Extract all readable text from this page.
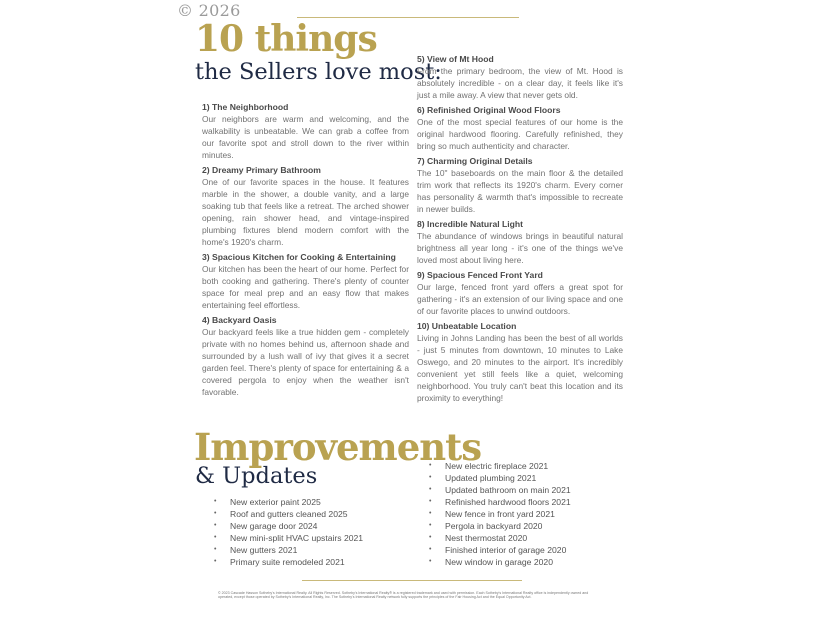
© 2026
10 things
the Sellers love most:
1) The Neighborhood

Our neighbors are warm and welcoming, and the walkability is unbeatable. We can grab a coffee from our favorite spot and stroll down to the river within minutes.

2) Dreamy Primary Bathroom

One of our favorite spaces in the house. It features marble in the shower, a double vanity, and a large soaking tub that feels like a retreat. The arched shower opening, rain shower head, and vintage-inspired plumbing fixtures blend modern comfort with the home's 1920's charm.

3) Spacious Kitchen for Cooking & Entertaining

Our kitchen has been the heart of our home. Perfect for both cooking and gathering. There's plenty of counter space for meal prep and an easy flow that makes entertaining feel effortless.

4) Backyard Oasis

Our backyard feels like a true hidden gem - completely private with no homes behind us, afternoon shade and surrounded by a lush wall of ivy that gives it a secret garden feel. There's plenty of space for entertaining & a covered pergola to enjoy when the weather isn't favorable.

5) View of Mt Hood

From the primary bedroom, the view of Mt. Hood is absolutely incredible - on a clear day, it feels like it's just a mile away. A view that never gets old.

6) Refinished Original Wood Floors

One of the most special features of our home is the original hardwood flooring. Carefully refinished, they bring so much authenticity and character.

7) Charming Original Details

The 10" baseboards on the main floor & the detailed trim work that reflects its 1920's charm. Every corner has personality & warmth that's impossible to recreate in newer builds.

8) Incredible Natural Light

The abundance of windows brings in beautiful natural brightness all year long - it's one of the things we've loved most about living here.

9) Spacious Fenced Front Yard

Our large, fenced front yard offers a great spot for gathering - it's an extension of our living space and one of our favorite places to unwind outdoors.

10) Unbeatable Location

Living in Johns Landing has been the best of all worlds - just 5 minutes from downtown, 10 minutes to Lake Oswego, and 20 minutes to the airport. It's incredibly convenient yet still feels like a quiet, welcoming neighborhood. You truly can't beat this location and its proximity to everything!

Improvements
& Updates
• New exterior paint 2025
• Roof and gutters cleaned 2025
• New garage door 2024
• New mini-split HVAC upstairs 2021
• New gutters 2021
• Primary suite remodeled 2021
• New electric fireplace 2021
• Updated plumbing 2021
• Updated bathroom on main 2021
• Refinished hardwood floors 2021
• New fence in front yard 2021
• Pergola in backyard 2020
• Nest thermostat 2020
• Finished interior of garage 2020
• New window in garage 2020
© 2023 Cascade Hasson Sotheby's International Realty. All Rights Reserved. Sotheby's International Realty® is a registered trademark and used with permission. Each Sotheby's International Realty office is independently owned and operated, except those operated by Sotheby's International Realty, Inc. The Sotheby's International Realty network fully supports the principles of the Fair Housing Act and the Equal Opportunity Act.
